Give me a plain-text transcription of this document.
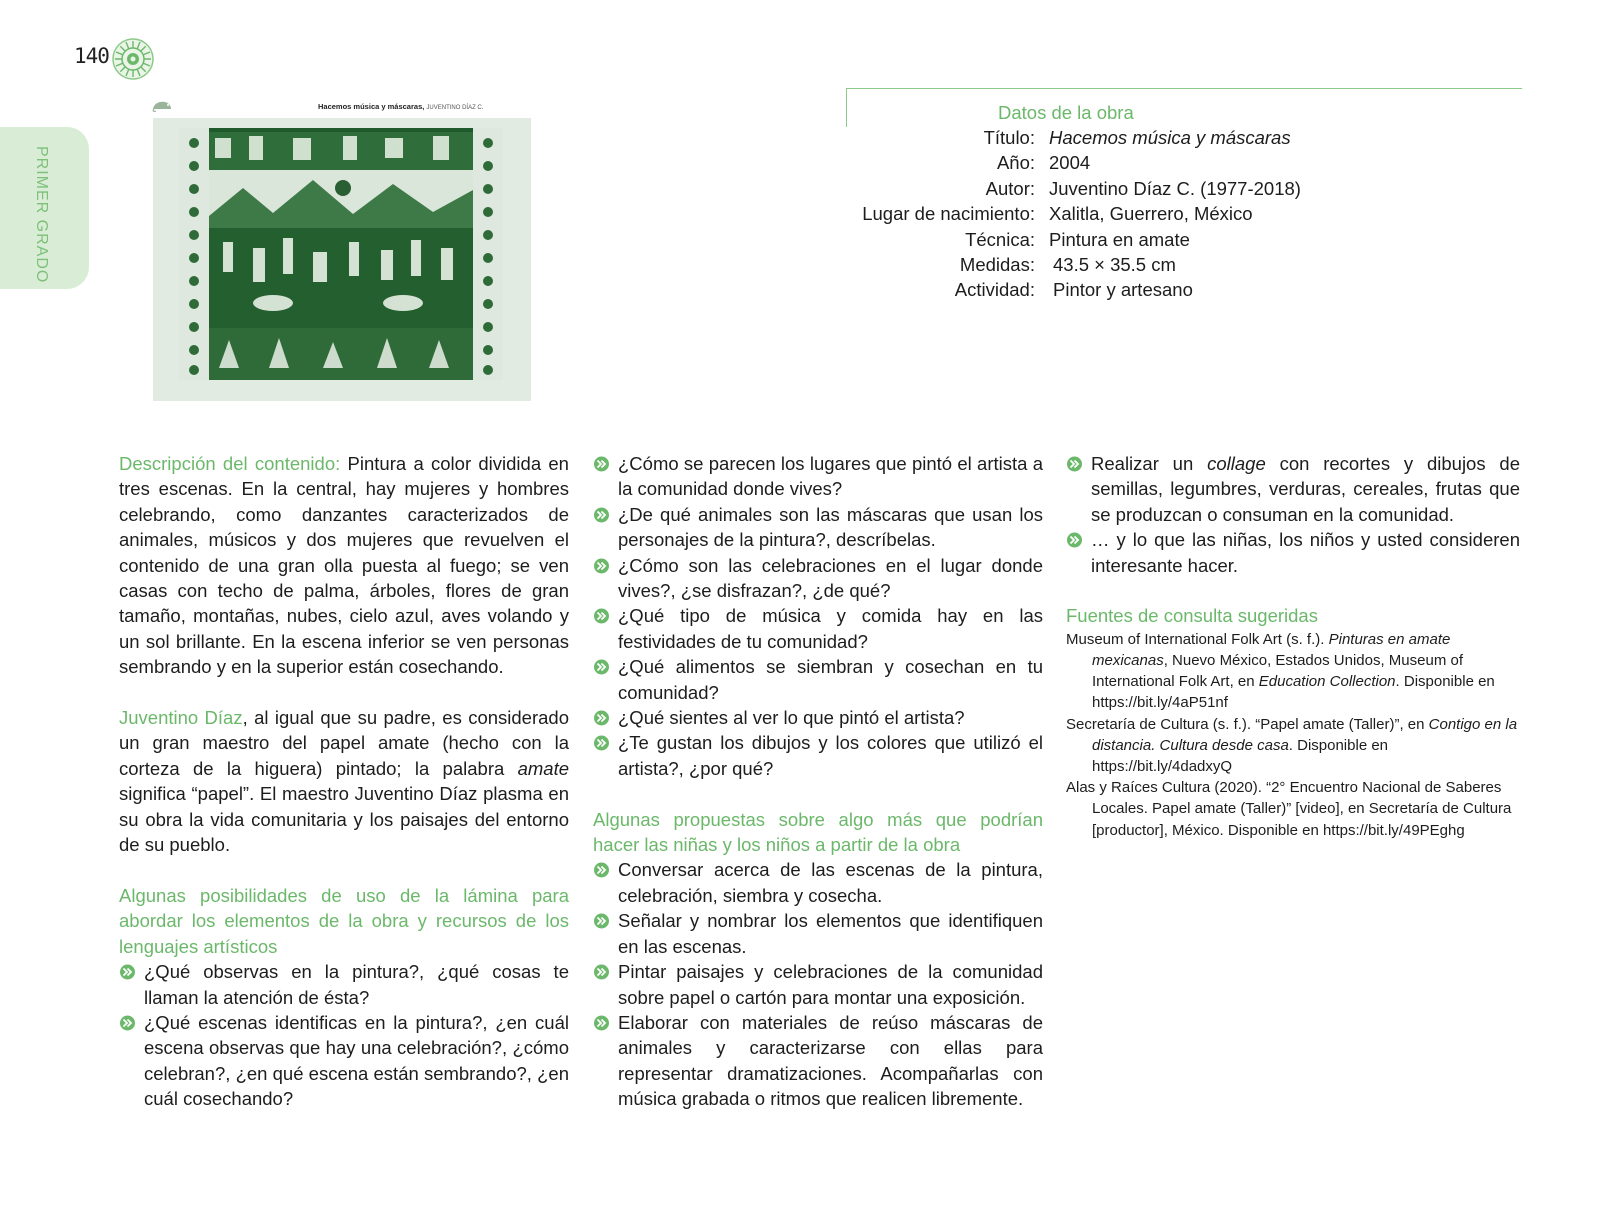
140
PRIMER GRADO
Hacemos música y máscaras, JUVENTINO DÍAZ C.	Datos de la obra
Título: Hacemos música y máscaras
Año: 2004
Autor: Juventino Díaz C. (1977-2018)
Lugar de nacimiento: Xalitla, Guerrero, México
Técnica: Pintura en amate
Medidas: 43.5 × 35.5 cm
Actividad: Pintor y artesano

Descripción del contenido: Pintura a color dividida en tres escenas. En la central, hay mujeres y hombres celebrando, como danzantes caracterizados de animales, músicos y dos mujeres que revuelven el contenido de una gran olla puesta al fuego; se ven casas con techo de palma, árboles, flores de gran tamaño, montañas, nubes, cielo azul, aves volando y un sol brillante. En la escena inferior se ven personas sembrando y en la superior están cosechando.

Juventino Díaz, al igual que su padre, es considerado un gran maestro del papel amate (hecho con la corteza de la higuera) pintado; la palabra amate significa “papel”. El maestro Juventino Díaz plasma en su obra la vida comunitaria y los paisajes del entorno de su pueblo.

Algunas posibilidades de uso de la lámina para abordar los elementos de la obra y recursos de los lenguajes artísticos

¿Qué observas en la pintura?, ¿qué cosas te llaman la atención de ésta?
¿Qué escenas identificas en la pintura?, ¿en cuál escena observas que hay una celebración?, ¿cómo celebran?, ¿en qué escena están sembrando?, ¿en cuál cosechando?
¿Cómo se parecen los lugares que pintó el artista a la comunidad donde vives?
¿De qué animales son las máscaras que usan los personajes de la pintura?, descríbelas.
¿Cómo son las celebraciones en el lugar donde vives?, ¿se disfrazan?, ¿de qué?
¿Qué tipo de música y comida hay en las festividades de tu comunidad?
¿Qué alimentos se siembran y cosechan en tu comunidad?
¿Qué sientes al ver lo que pintó el artista?
¿Te gustan los dibujos y los colores que utilizó el artista?, ¿por qué?

Algunas propuestas sobre algo más que podrían hacer las niñas y los niños a partir de la obra

Conversar acerca de las escenas de la pintura, celebración, siembra y cosecha.
Señalar y nombrar los elementos que identifiquen en las escenas.
Pintar paisajes y celebraciones de la comunidad sobre papel o cartón para montar una exposición.
Elaborar con materiales de reúso máscaras de animales y caracterizarse con ellas para representar dramatizaciones. Acompañarlas con música grabada o ritmos que realicen libremente.
Realizar un collage con recortes y dibujos de semillas, legumbres, verduras, cereales, frutas que se produzcan o consuman en la comunidad.
… y lo que las niñas, los niños y usted consideren interesante hacer.

Fuentes de consulta sugeridas

Museum of International Folk Art (s. f.). Pinturas en amate mexicanas, Nuevo México, Estados Unidos, Museum of International Folk Art, en Education Collection. Disponible en https://bit.ly/4aP51nf

Secretaría de Cultura (s. f.). “Papel amate (Taller)”, en Contigo en la distancia. Cultura desde casa. Disponible en https://bit.ly/4dadxyQ

Alas y Raíces Cultura (2020). “2° Encuentro Nacional de Saberes Locales. Papel amate (Taller)” [video], en Secretaría de Cultura [productor], México. Disponible en https://bit.ly/49PEghg
